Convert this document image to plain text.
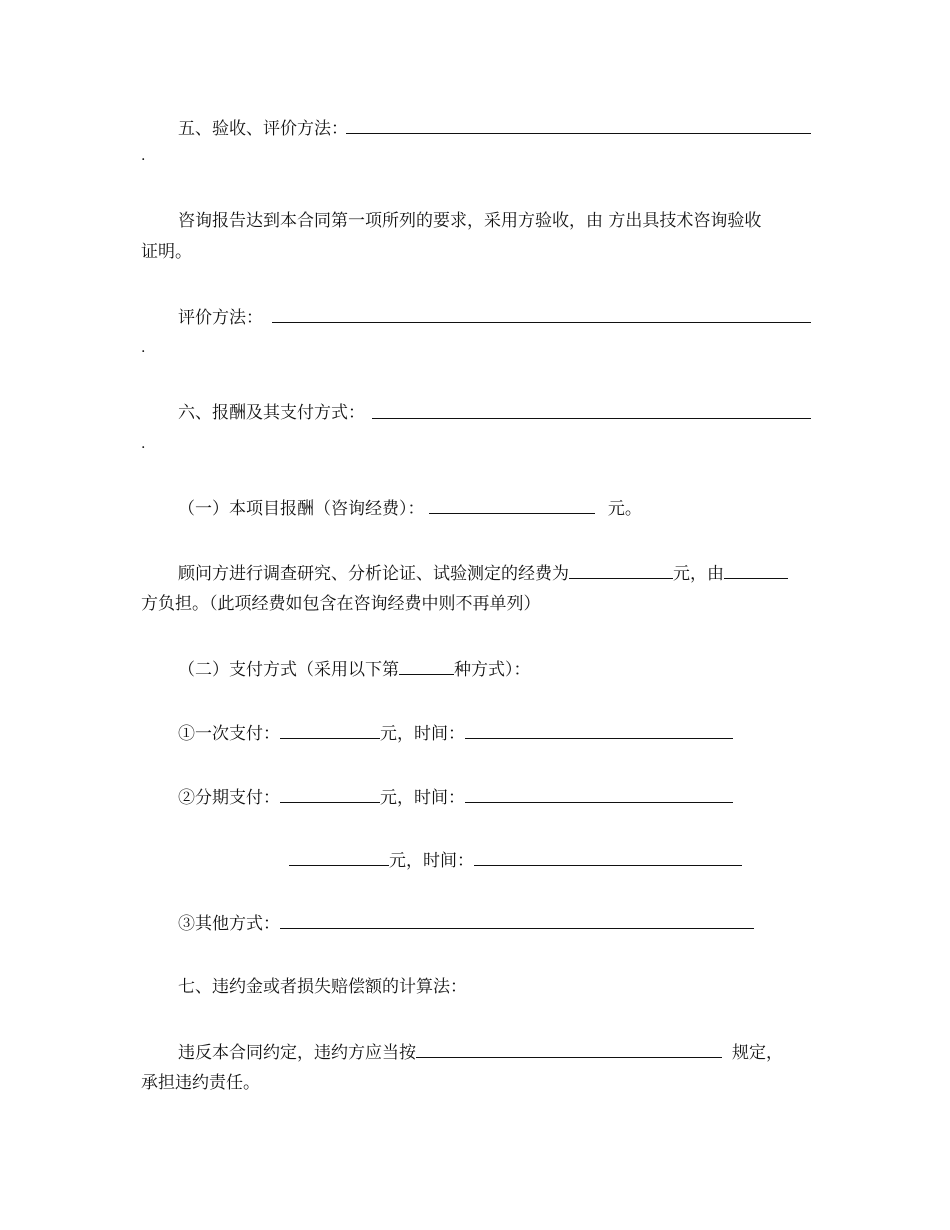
五、验收、评价方法：
.
咨询报告达到本合同第一项所列的要求，采用方验收，由 方出具技术咨询验收
证明。
评价方法：
.
六、报酬及其支付方式：
.
（一）本项目报酬（咨询经费）：	元。
顾问方进行调查研究、分析论证、试验测定的经费为	元，由
方负担。（此项经费如包含在咨询经费中则不再单列）
（二）支付方式（采用以下第	种方式）：
①一次支付：	元，时间：
②分期支付：	元，时间：
元，时间：
③其他方式：
七、违约金或者损失赔偿额的计算法：
违反本合同约定，违约方应当按	规定，
承担违约责任。
